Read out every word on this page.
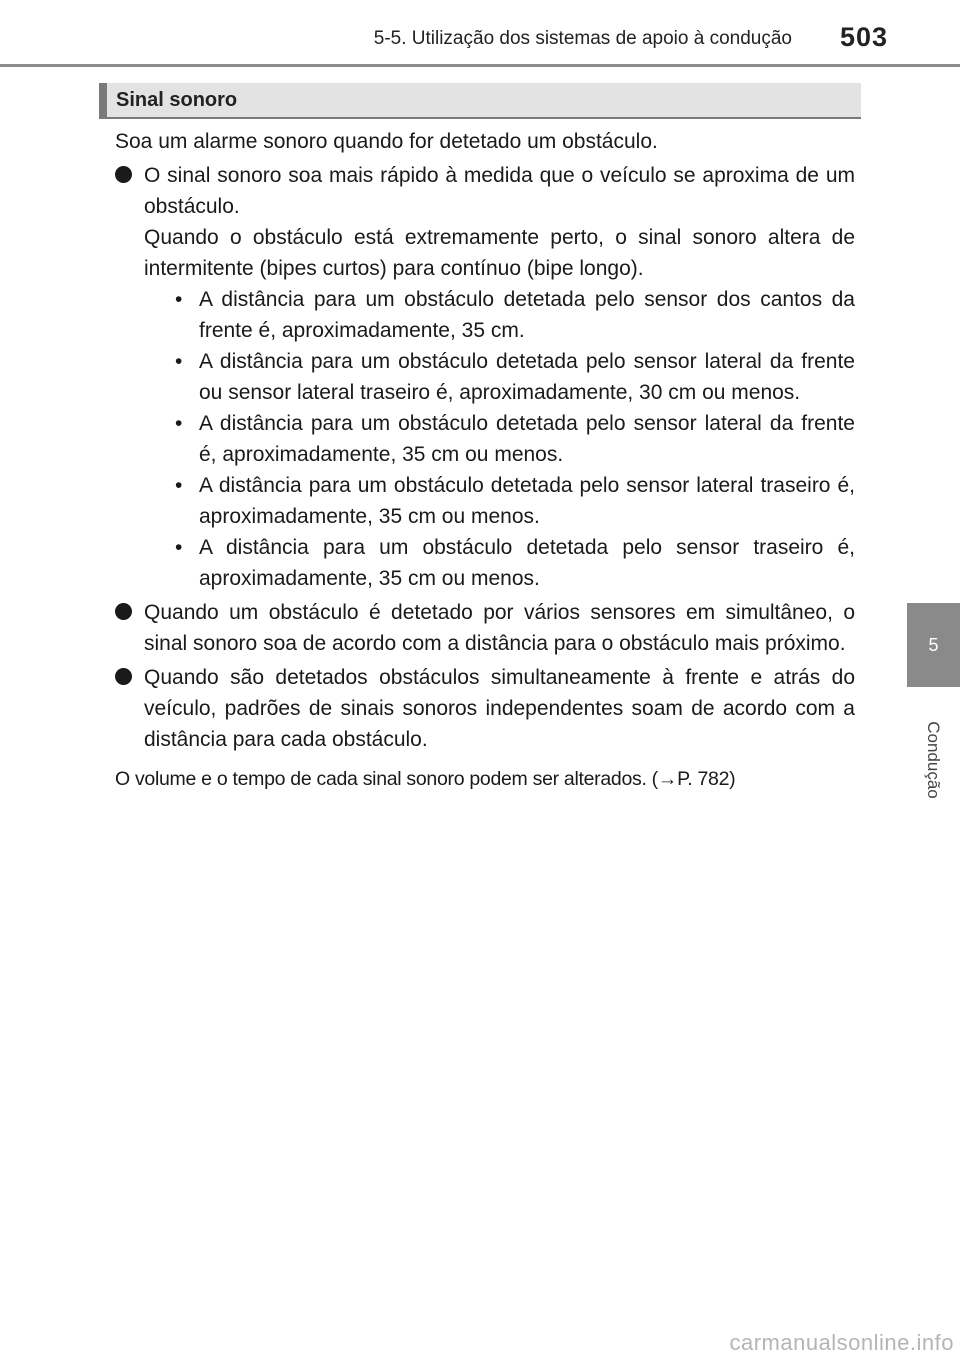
5-5. Utilização dos sistemas de apoio à condução 503
Sinal sonoro

Soa um alarme sonoro quando for detetado um obstáculo.

O sinal sonoro soa mais rápido à medida que o veículo se aproxima de um obstáculo.

Quando o obstáculo está extremamente perto, o sinal sonoro altera de intermitente (bipes curtos) para contínuo (bipe longo).

• A distância para um obstáculo detetada pelo sensor dos cantos da frente é, aproximadamente, 35 cm.
• A distância para um obstáculo detetada pelo sensor lateral da frente ou sensor lateral traseiro é, aproximadamente, 30 cm ou menos.
• A distância para um obstáculo detetada pelo sensor lateral da frente é, aproximadamente, 35 cm ou menos.
• A distância para um obstáculo detetada pelo sensor lateral traseiro é, aproximadamente, 35 cm ou menos.
• A distância para um obstáculo detetada pelo sensor traseiro é, aproximadamente, 35 cm ou menos.

Quando um obstáculo é detetado por vários sensores em simultâneo, o sinal sonoro soa de acordo com a distância para o obstáculo mais próximo.

Quando são detetados obstáculos simultaneamente à frente e atrás do veículo, padrões de sinais sonoros independentes soam de acordo com a distância para cada obstáculo.

O volume e o tempo de cada sinal sonoro podem ser alterados. (→P. 782)

5
Condução
carmanualsonline.info
